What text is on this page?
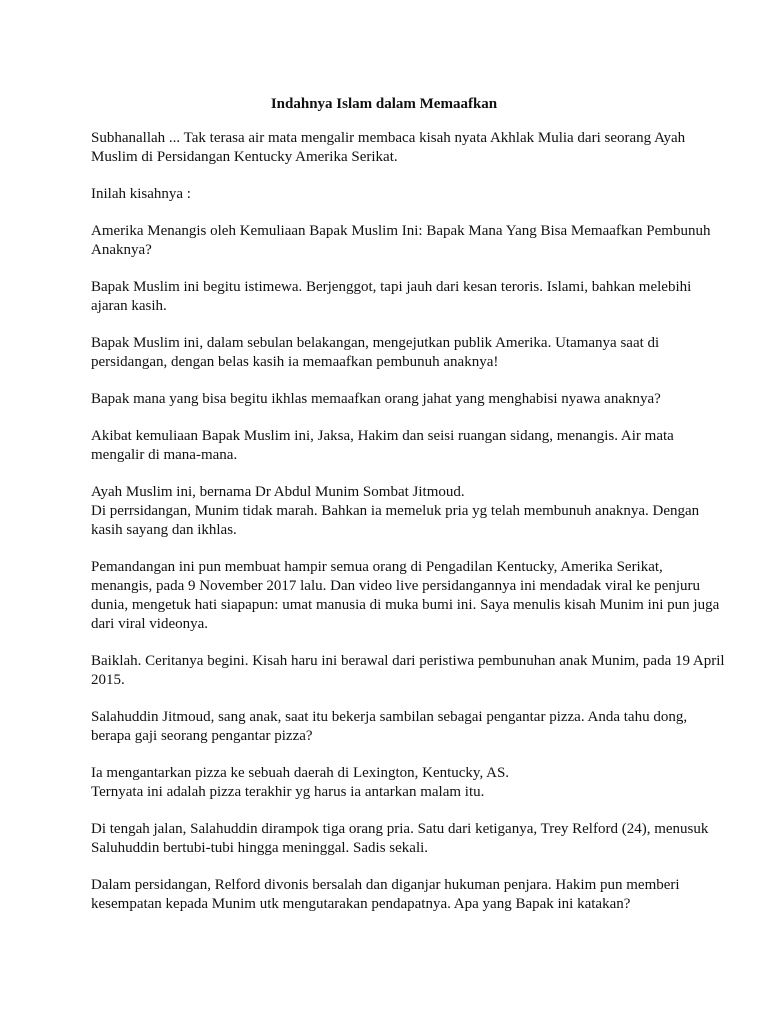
Indahnya Islam dalam Memaafkan

Subhanallah ... Tak terasa air mata mengalir membaca kisah nyata Akhlak Mulia dari seorang Ayah
Muslim di Persidangan Kentucky Amerika Serikat.

Inilah kisahnya :

Amerika Menangis oleh Kemuliaan Bapak Muslim Ini: Bapak Mana Yang Bisa Memaafkan Pembunuh
Anaknya?

Bapak Muslim ini begitu istimewa. Berjenggot, tapi jauh dari kesan teroris. Islami, bahkan melebihi
ajaran kasih.

Bapak Muslim ini, dalam sebulan belakangan, mengejutkan publik Amerika. Utamanya saat di
persidangan, dengan belas kasih ia memaafkan pembunuh anaknya!

Bapak mana yang bisa begitu ikhlas memaafkan orang jahat yang menghabisi nyawa anaknya?

Akibat kemuliaan Bapak Muslim ini, Jaksa, Hakim dan seisi ruangan sidang, menangis. Air mata
mengalir di mana-mana.

Ayah Muslim ini, bernama Dr Abdul Munim Sombat Jitmoud.
Di perrsidangan, Munim tidak marah. Bahkan ia memeluk pria yg telah membunuh anaknya. Dengan
kasih sayang dan ikhlas.

Pemandangan ini pun membuat hampir semua orang di Pengadilan Kentucky, Amerika Serikat,
menangis, pada 9 November 2017 lalu. Dan video live persidangannya ini mendadak viral ke penjuru
dunia, mengetuk hati siapapun: umat manusia di muka bumi ini. Saya menulis kisah Munim ini pun juga
dari viral videonya.

Baiklah. Ceritanya begini. Kisah haru ini berawal dari peristiwa pembunuhan anak Munim, pada 19 April
2015.

Salahuddin Jitmoud, sang anak, saat itu bekerja sambilan sebagai pengantar pizza. Anda tahu dong,
berapa gaji seorang pengantar pizza?

Ia mengantarkan pizza ke sebuah daerah di Lexington, Kentucky, AS.
Ternyata ini adalah pizza terakhir yg harus ia antarkan malam itu.

Di tengah jalan, Salahuddin dirampok tiga orang pria. Satu dari ketiganya, Trey Relford (24), menusuk
Saluhuddin bertubi-tubi hingga meninggal. Sadis sekali.

Dalam persidangan, Relford divonis bersalah dan diganjar hukuman penjara. Hakim pun memberi
kesempatan kepada Munim utk mengutarakan pendapatnya. Apa yang Bapak ini katakan?
